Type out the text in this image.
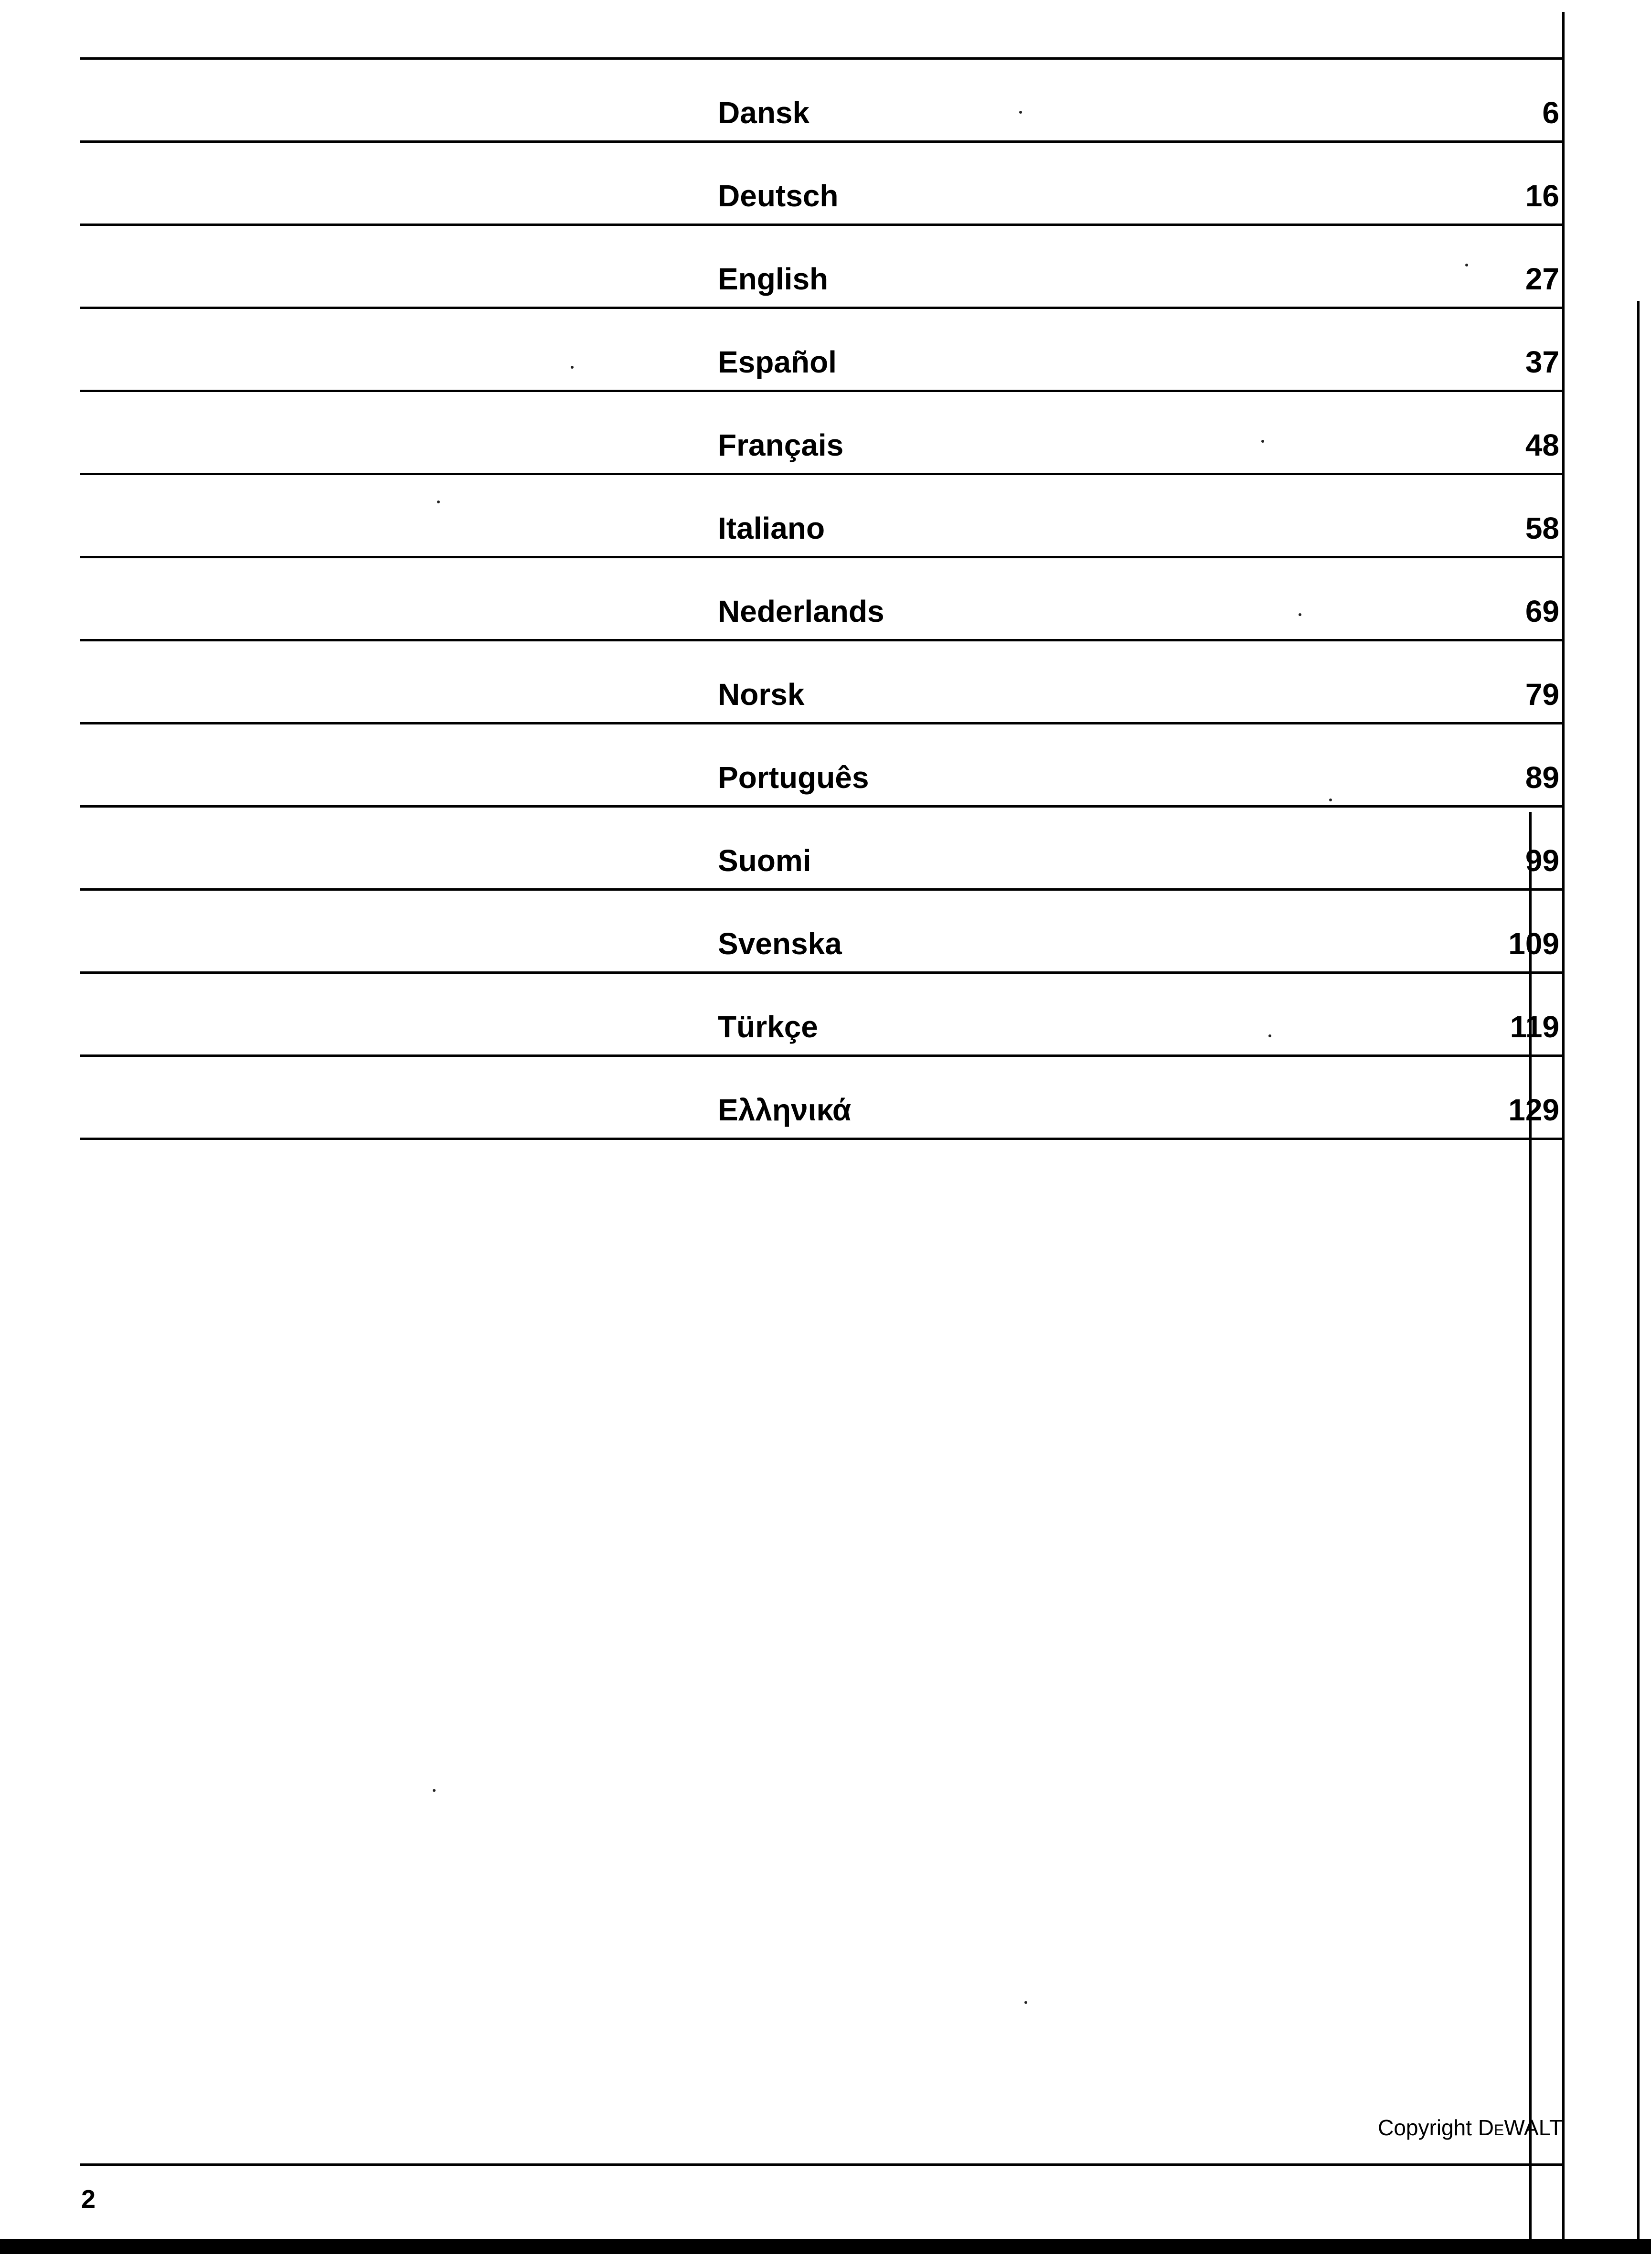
Dansk	6
Deutsch	16
English	27
Español	37
Français	48
Italiano	58
Nederlands	69
Norsk	79
Português	89
Suomi	99
Svenska	109
Türkçe	119
Ελληνικά	129
Copyright DeWALT
2
